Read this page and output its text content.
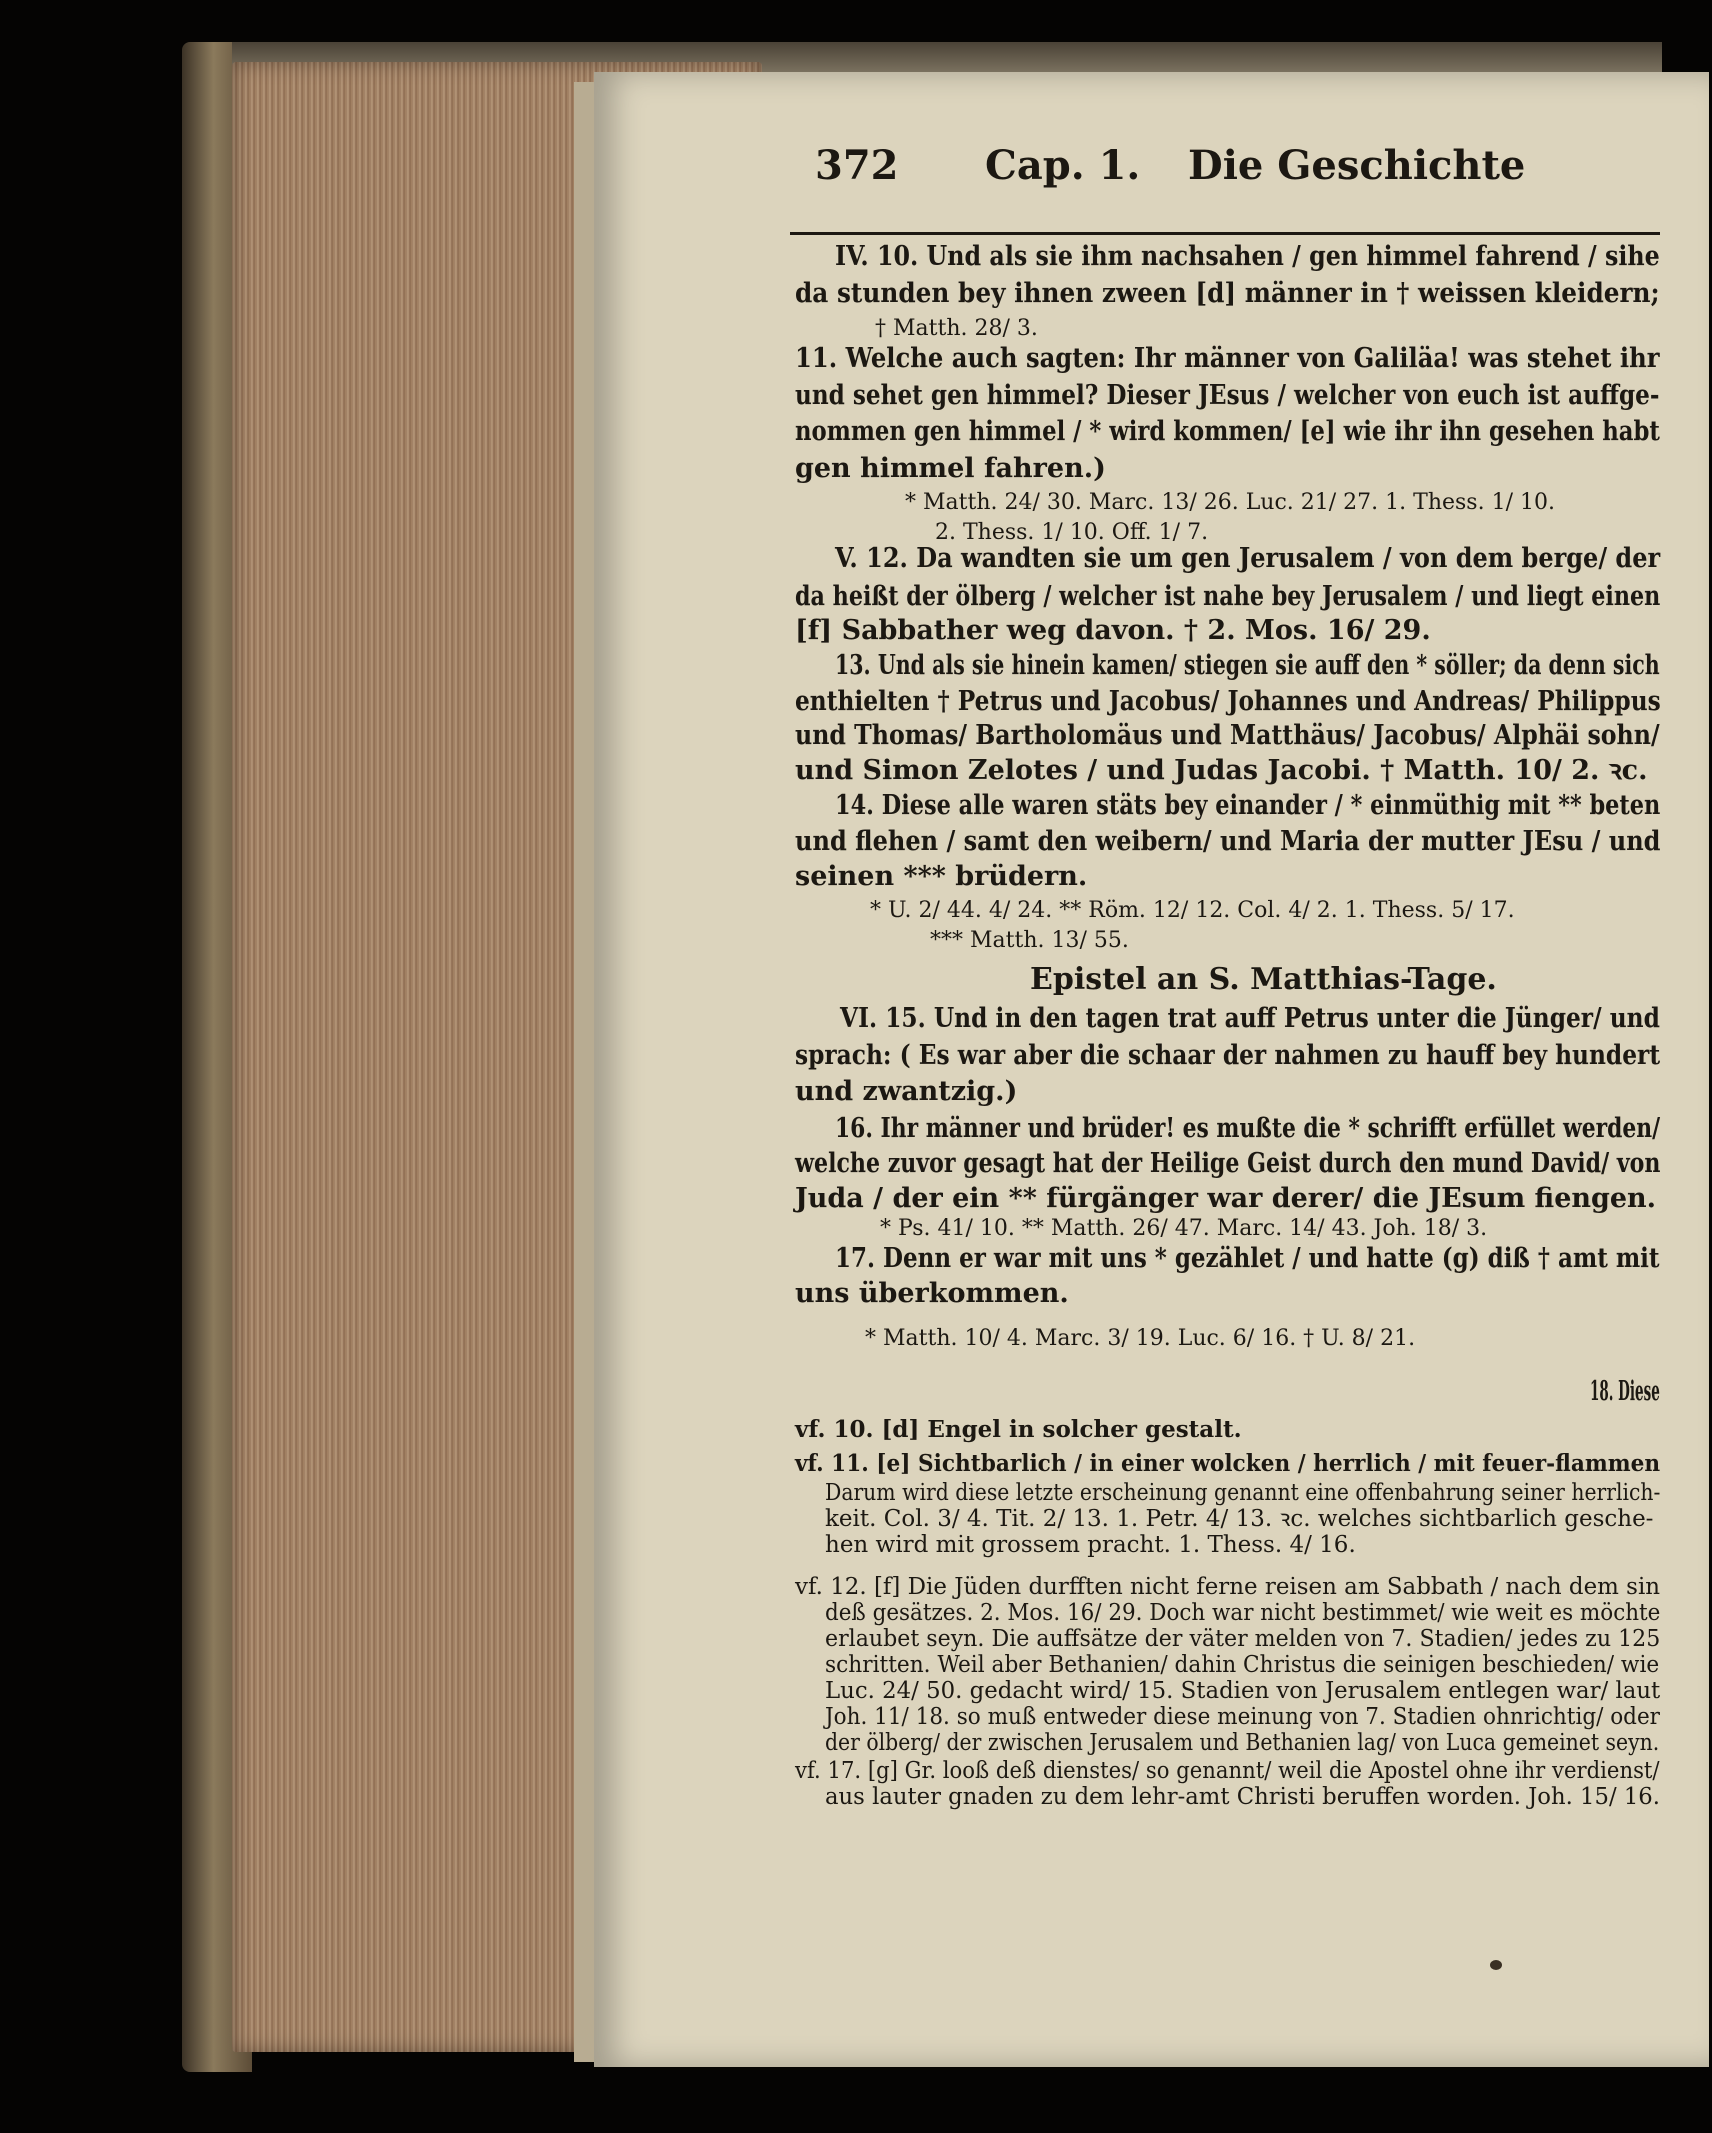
372 Cap. 1. Die Geschichte
IV. 10. Und als sie ihm nachsahen / gen himmel fahrend / sihe
da stunden bey ihnen zween [d] männer in † weissen kleidern;
† Matth. 28/ 3.
11. Welche auch sagten: Ihr männer von Galiläa! was stehet ihr
und sehet gen himmel? Dieser JEsus / welcher von euch ist auffge-
nommen gen himmel / * wird kommen/ [e] wie ihr ihn gesehen habt
gen himmel fahren.)
* Matth. 24/ 30. Marc. 13/ 26. Luc. 21/ 27. 1. Thess. 1/ 10.
2. Thess. 1/ 10. Off. 1/ 7.
V. 12. Da wandten sie um gen Jerusalem / von dem berge/ der
da heißt der ölberg / welcher ist nahe bey Jerusalem / und liegt einen
[f] Sabbather weg davon. † 2. Mos. 16/ 29.
13. Und als sie hinein kamen/ stiegen sie auff den * söller; da denn sich
enthielten † Petrus und Jacobus/ Johannes und Andreas/ Philippus
und Thomas/ Bartholomäus und Matthäus/ Jacobus/ Alphäi sohn/
und Simon Zelotes / und Judas Jacobi. † Matth. 10/ 2. ꝛc.
14. Diese alle waren stäts bey einander / * einmüthig mit ** beten
und flehen / samt den weibern/ und Maria der mutter JEsu / und
seinen *** brüdern.
* U. 2/ 44. 4/ 24. ** Röm. 12/ 12. Col. 4/ 2. 1. Thess. 5/ 17.
*** Matth. 13/ 55.
Epistel an S. Matthias-Tage.
VI. 15. Und in den tagen trat auff Petrus unter die Jünger/ und
sprach: ( Es war aber die schaar der nahmen zu hauff bey hundert
und zwantzig.)
16. Ihr männer und brüder! es mußte die * schrifft erfüllet werden/
welche zuvor gesagt hat der Heilige Geist durch den mund David/ von
Juda / der ein ** fürgänger war derer/ die JEsum fiengen.
* Ps. 41/ 10. ** Matth. 26/ 47. Marc. 14/ 43. Joh. 18/ 3.
17. Denn er war mit uns * gezählet / und hatte (g) diß † amt mit
uns überkommen.
* Matth. 10/ 4. Marc. 3/ 19. Luc. 6/ 16. † U. 8/ 21.
18. Diese
vf. 10. [d] Engel in solcher gestalt.
vf. 11. [e] Sichtbarlich / in einer wolcken / herrlich / mit feuer-flammen
Darum wird diese letzte erscheinung genannt eine offenbahrung seiner herrlich-
keit. Col. 3/ 4. Tit. 2/ 13. 1. Petr. 4/ 13. ꝛc. welches sichtbarlich gesche-
hen wird mit grossem pracht. 1. Thess. 4/ 16.
vf. 12. [f] Die Jüden durfften nicht ferne reisen am Sabbath / nach dem sin
deß gesätzes. 2. Mos. 16/ 29. Doch war nicht bestimmet/ wie weit es möchte
erlaubet seyn. Die auffsätze der väter melden von 7. Stadien/ jedes zu 125
schritten. Weil aber Bethanien/ dahin Christus die seinigen beschieden/ wie
Luc. 24/ 50. gedacht wird/ 15. Stadien von Jerusalem entlegen war/ laut
Joh. 11/ 18. so muß entweder diese meinung von 7. Stadien ohnrichtig/ oder
der ölberg/ der zwischen Jerusalem und Bethanien lag/ von Luca gemeinet seyn.
vf. 17. [g] Gr. looß deß dienstes/ so genannt/ weil die Apostel ohne ihr verdienst/
aus lauter gnaden zu dem lehr-amt Christi beruffen worden. Joh. 15/ 16.
